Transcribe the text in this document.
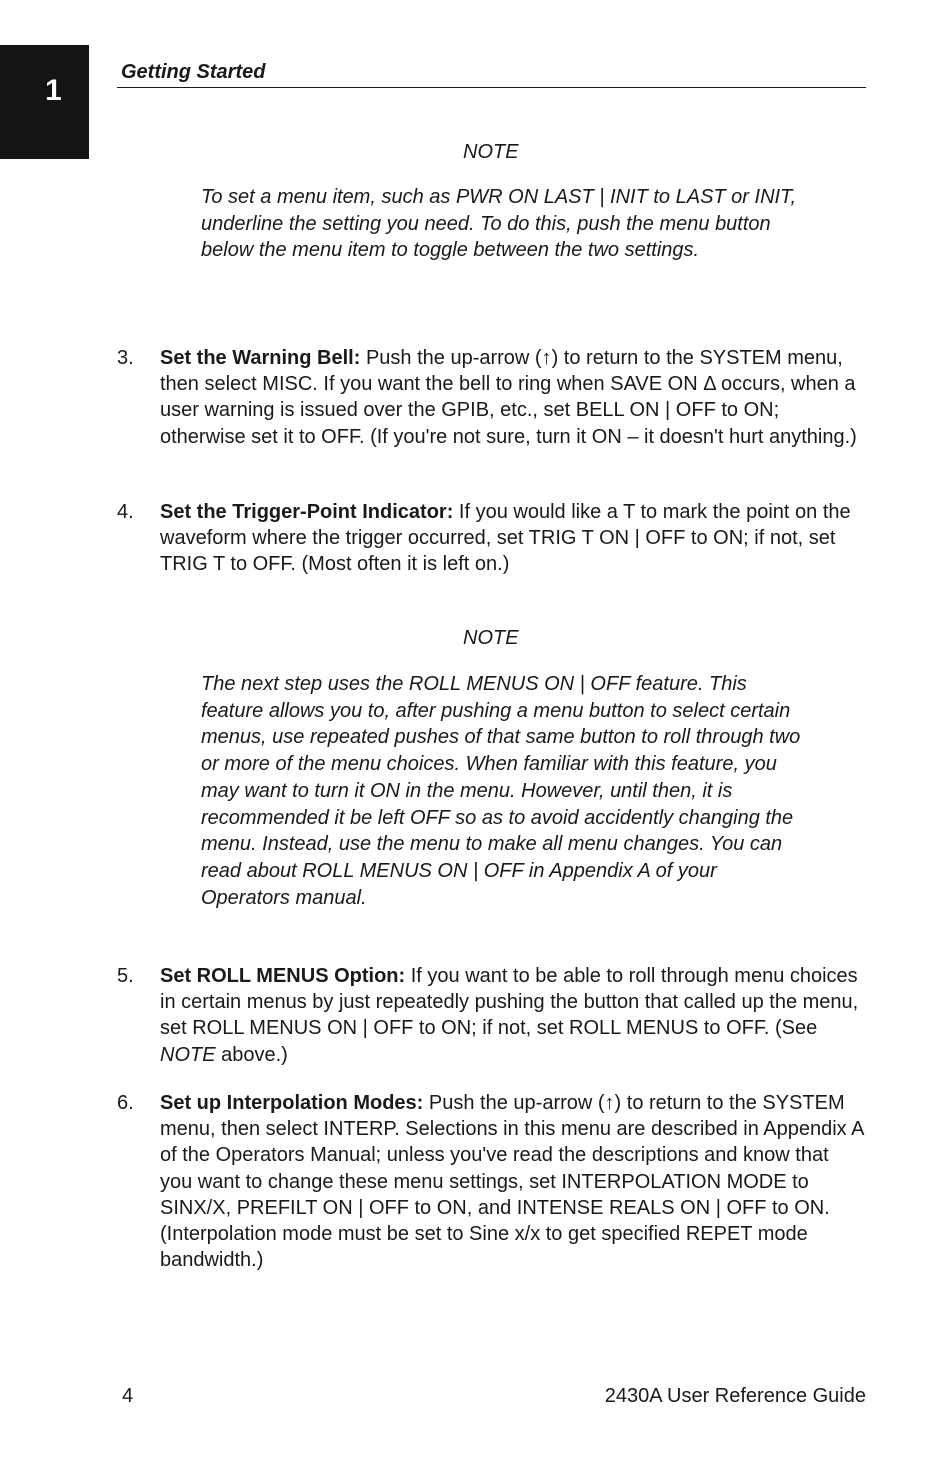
1
Getting Started
NOTE

To set a menu item, such as PWR ON LAST | INIT to LAST or INIT, underline the setting you need. To do this, push the menu button below the menu item to toggle between the two settings.

3.	Set the Warning Bell: Push the up-arrow (↑) to return to the SYSTEM menu, then select MISC. If you want the bell to ring when SAVE ON Δ occurs, when a user warning is issued over the GPIB, etc., set BELL ON | OFF to ON; otherwise set it to OFF. (If you're not sure, turn it ON – it doesn't hurt anything.)

4.	Set the Trigger-Point Indicator: If you would like a T to mark the point on the waveform where the trigger occurred, set TRIG T ON | OFF to ON; if not, set TRIG T to OFF. (Most often it is left on.)

NOTE

The next step uses the ROLL MENUS ON | OFF feature. This feature allows you to, after pushing a menu button to select certain menus, use repeated pushes of that same button to roll through two or more of the menu choices. When familiar with this feature, you may want to turn it ON in the menu. However, until then, it is recommended it be left OFF so as to avoid accidently changing the menu. Instead, use the menu to make all menu changes. You can read about ROLL MENUS ON | OFF in Appendix A of your Operators manual.

5.	Set ROLL MENUS Option: If you want to be able to roll through menu choices in certain menus by just repeatedly pushing the button that called up the menu, set ROLL MENUS ON | OFF to ON; if not, set ROLL MENUS to OFF. (See NOTE above.)

6.	Set up Interpolation Modes: Push the up-arrow (↑) to return to the SYSTEM menu, then select INTERP. Selections in this menu are described in Appendix A of the Operators Manual; unless you've read the descriptions and know that you want to change these menu settings, set INTERPOLATION MODE to SINX/X, PREFILT ON | OFF to ON, and INTENSE REALS ON | OFF to ON. (Interpolation mode must be set to Sine x/x to get specified REPET mode bandwidth.)

4	2430A User Reference Guide
